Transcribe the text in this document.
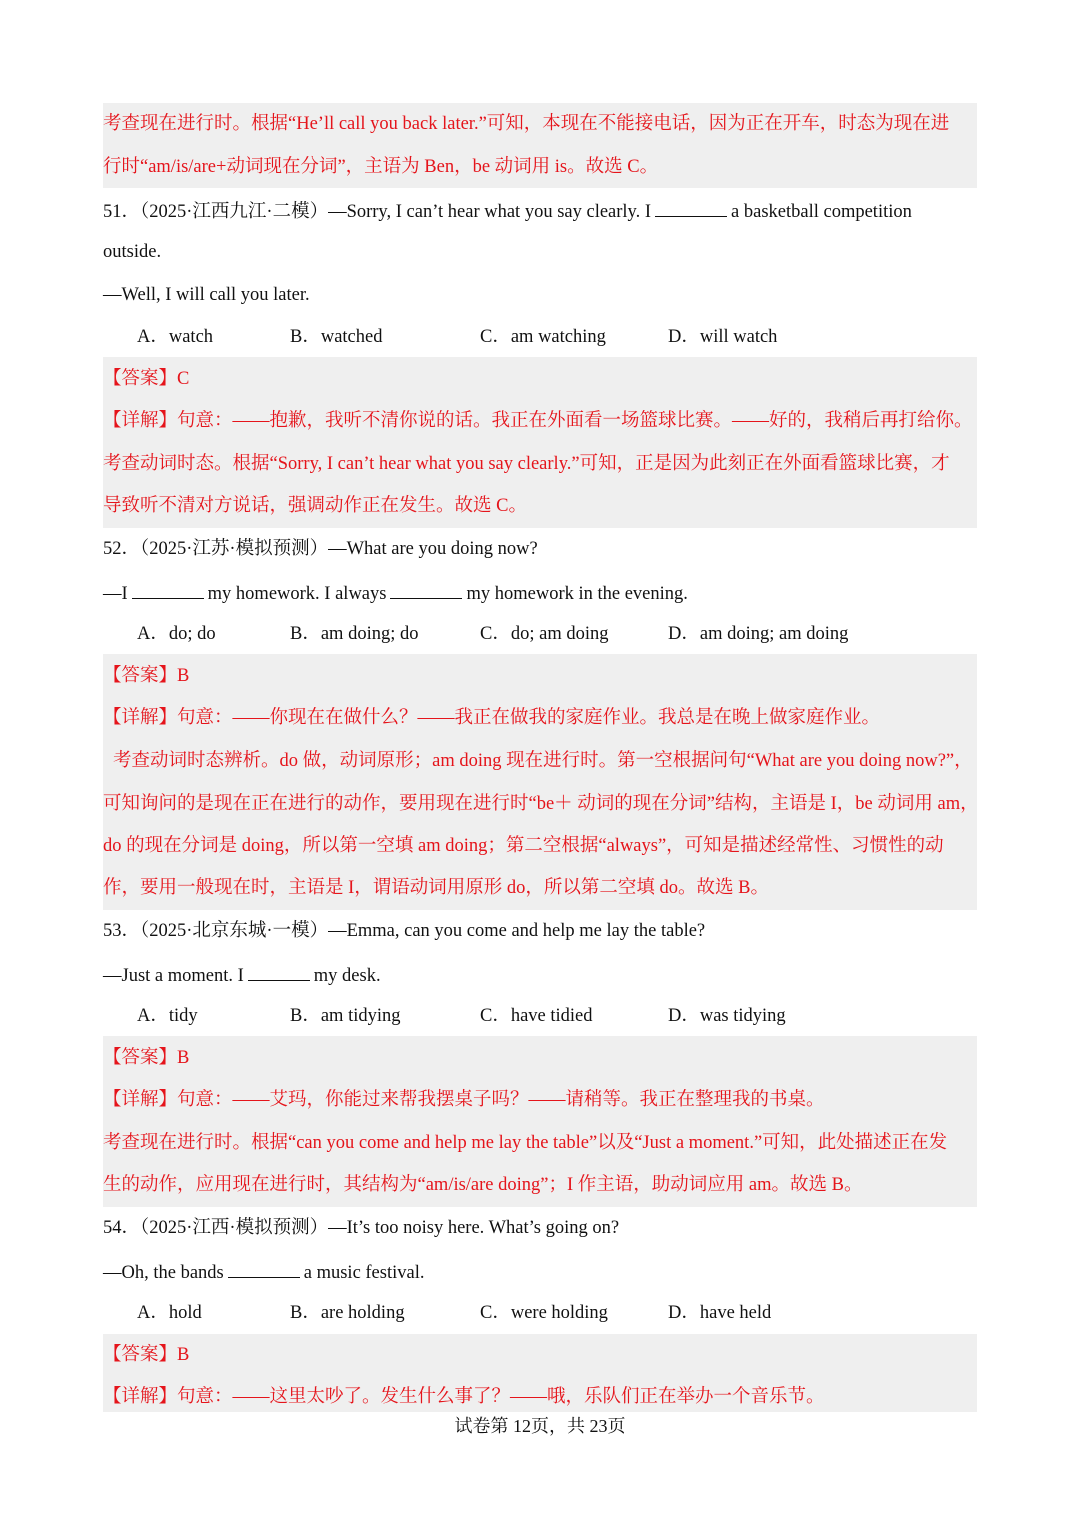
考查现在进行时。根据“He’ll call you back later.”可知，本现在不能接电话，因为正在开车，时态为现在进
行时“am/is/are+动词现在分词”，主语为 Ben，be 动词用 is。故选 C。
51．（2025·江西九江·二模）—Sorry, I can’t hear what you say clearly. I	a basketball competition
outside.
—Well, I will call you later.
A．watch	B．watched	C．am watching	D．will watch
【答案】C
【详解】句意：——抱歉，我听不清你说的话。我正在外面看一场篮球比赛。——好的，我稍后再打给你。
考查动词时态。根据“Sorry, I can’t hear what you say clearly.”可知，正是因为此刻正在外面看篮球比赛，才
导致听不清对方说话，强调动作正在发生。故选 C。
52．（2025·江苏·模拟预测）—What are you doing now?
—I	my homework. I always	my homework in the evening.
A．do; do	B．am doing; do	C．do; am doing	D．am doing; am doing
【答案】B
【详解】句意：——你现在在做什么？——我正在做我的家庭作业。我总是在晚上做家庭作业。
考查动词时态辨析。do 做，动词原形；am doing 现在进行时。第一空根据问句“What are you doing now?”，
可知询问的是现在正在进行的动作，要用现在进行时“be＋ 动词的现在分词”结构，主语是 I，be 动词用 am，
do 的现在分词是 doing，所以第一空填 am doing；第二空根据“always”，可知是描述经常性、习惯性的动
作，要用一般现在时，主语是 I，谓语动词用原形 do，所以第二空填 do。故选 B。
53．（2025·北京东城·一模）—Emma, can you come and help me lay the table?
—Just a moment. I	my desk.
A．tidy	B．am tidying	C．have tidied	D．was tidying
【答案】B
【详解】句意：——艾玛，你能过来帮我摆桌子吗？——请稍等。我正在整理我的书桌。
考查现在进行时。根据“can you come and help me lay the table”以及“Just a moment.”可知，此处描述正在发
生的动作，应用现在进行时，其结构为“am/is/are doing”；I 作主语，助动词应用 am。故选 B。
54．（2025·江西·模拟预测）—It’s too noisy here. What’s going on?
—Oh, the bands	a music festival.
A．hold	B．are holding	C．were holding	D．have held
【答案】B
【详解】句意：——这里太吵了。发生什么事了？——哦，乐队们正在举办一个音乐节。
试卷第 12页，共 23页
